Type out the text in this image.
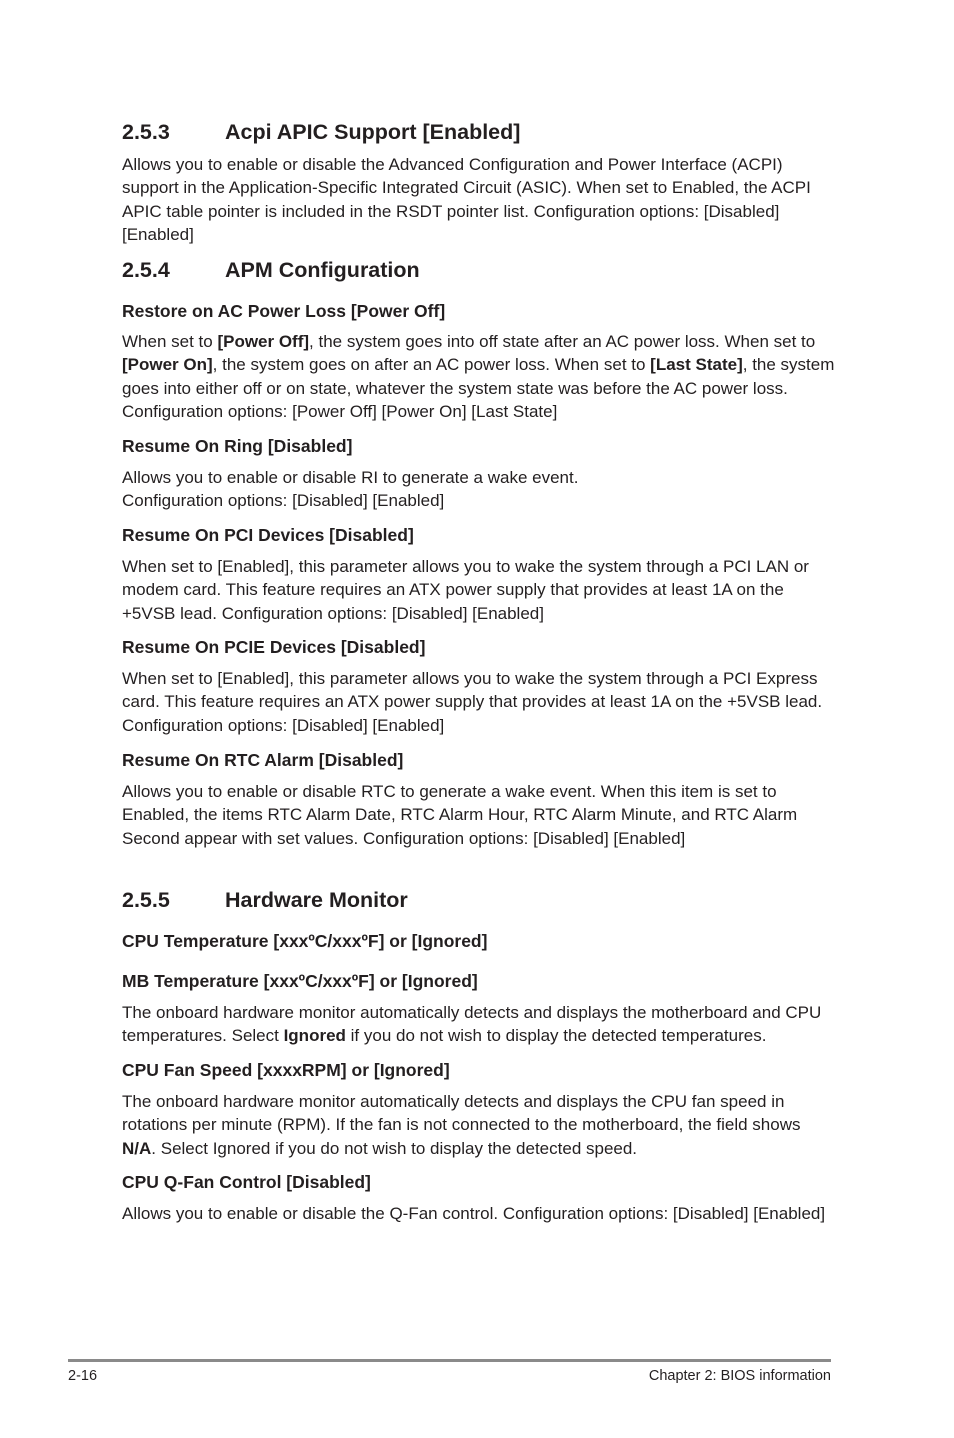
2.5.3	Acpi APIC Support [Enabled]
Allows you to enable or disable the Advanced Configuration and Power Interface (ACPI) support in the Application-Specific Integrated Circuit (ASIC). When set to Enabled, the ACPI APIC table pointer is included in the RSDT pointer list. Configuration options: [Disabled] [Enabled]
2.5.4	APM Configuration
Restore on AC Power Loss [Power Off]
When set to [Power Off], the system goes into off state after an AC power loss. When set to [Power On], the system goes on after an AC power loss. When set to [Last State], the system goes into either off or on state, whatever the system state was before the AC power loss. Configuration options: [Power Off] [Power On] [Last State]
Resume On Ring [Disabled]
Allows you to enable or disable RI to generate a wake event.
Configuration options: [Disabled] [Enabled]
Resume On PCI Devices [Disabled]
When set to [Enabled], this parameter allows you to wake the system through a PCI LAN or modem card. This feature requires an ATX power supply that provides at least 1A on the +5VSB lead. Configuration options: [Disabled] [Enabled]
Resume On PCIE Devices [Disabled]
When set to [Enabled], this parameter allows you to wake the system through a PCI Express card. This feature requires an ATX power supply that provides at least 1A on the +5VSB lead. Configuration options: [Disabled] [Enabled]
Resume On RTC Alarm [Disabled]
Allows you to enable or disable RTC to generate a wake event. When this item is set to Enabled, the items RTC Alarm Date, RTC Alarm Hour, RTC Alarm Minute, and RTC Alarm Second appear with set values. Configuration options: [Disabled] [Enabled]
2.5.5	Hardware Monitor
CPU Temperature [xxxºC/xxxºF] or [Ignored]
MB Temperature [xxxºC/xxxºF] or [Ignored]
The onboard hardware monitor automatically detects and displays the motherboard and CPU temperatures. Select Ignored if you do not wish to display the detected temperatures.
CPU Fan Speed [xxxxRPM] or [Ignored]
The onboard hardware monitor automatically detects and displays the CPU fan speed in rotations per minute (RPM). If the fan is not connected to the motherboard, the field shows N/A. Select Ignored if you do not wish to display the detected speed.
CPU Q-Fan Control [Disabled]
Allows you to enable or disable the Q-Fan control. Configuration options: [Disabled] [Enabled]
2-16	Chapter 2: BIOS information
